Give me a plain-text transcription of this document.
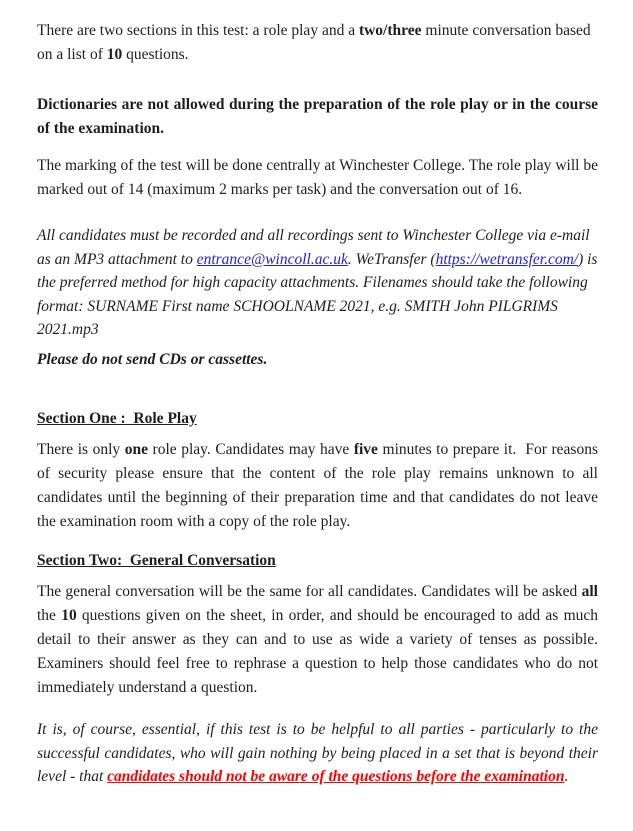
There are two sections in this test: a role play and a two/three minute conversation based on a list of 10 questions.

Dictionaries are not allowed during the preparation of the role play or in the course of the examination.

The marking of the test will be done centrally at Winchester College. The role play will be marked out of 14 (maximum 2 marks per task) and the conversation out of 16.

All candidates must be recorded and all recordings sent to Winchester College via e-mail as an MP3 attachment to entrance@wincoll.ac.uk. WeTransfer (https://wetransfer.com/) is the preferred method for high capacity attachments. Filenames should take the following format: SURNAME First name SCHOOLNAME 2021, e.g. SMITH John PILGRIMS 2021.mp3

Please do not send CDs or cassettes.

Section One :  Role Play

There is only one role play. Candidates may have five minutes to prepare it.  For reasons of security please ensure that the content of the role play remains unknown to all candidates until the beginning of their preparation time and that candidates do not leave the examination room with a copy of the role play.

Section Two:  General Conversation

The general conversation will be the same for all candidates. Candidates will be asked all the 10 questions given on the sheet, in order, and should be encouraged to add as much detail to their answer as they can and to use as wide a variety of tenses as possible. Examiners should feel free to rephrase a question to help those candidates who do not immediately understand a question.

It is, of course, essential, if this test is to be helpful to all parties - particularly to the successful candidates, who will gain nothing by being placed in a set that is beyond their level - that candidates should not be aware of the questions before the examination.
